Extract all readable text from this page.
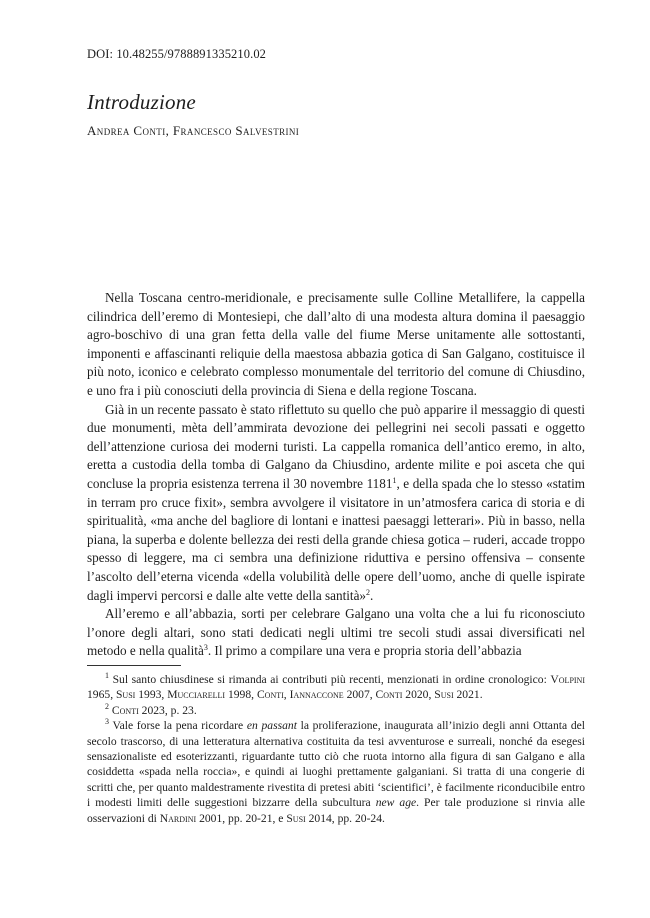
DOI: 10.48255/9788891335210.02
Introduzione
Andrea Conti, Francesco Salvestrini

Nella Toscana centro-meridionale, e precisamente sulle Colline Metallifere, la cappella cilindrica dell’eremo di Montesiepi, che dall’alto di una modesta altura domina il paesaggio agro-boschivo di una gran fetta della valle del fiume Merse unitamente alle sottostanti, imponenti e affascinanti reliquie della maestosa abbazia gotica di San Galgano, costituisce il più noto, iconico e celebrato complesso monumentale del territorio del comune di Chiusdino, e uno fra i più conosciuti della provincia di Siena e della regione Toscana.

Già in un recente passato è stato riflettuto su quello che può apparire il messaggio di questi due monumenti, mèta dell’ammirata devozione dei pellegrini nei secoli passati e oggetto dell’attenzione curiosa dei moderni turisti. La cappella romanica dell’antico eremo, in alto, eretta a custodia della tomba di Galgano da Chiusdino, ardente milite e poi asceta che qui concluse la propria esistenza terrena il 30 novembre 1181$^1$, e della spada che lo stesso «statim in terram pro cruce fixit», sembra avvolgere il visitatore in un’atmosfera carica di storia e di spiritualità, «ma anche del bagliore di lontani e inattesi paesaggi letterari». Più in basso, nella piana, la superba e dolente bellezza dei resti della grande chiesa gotica – ruderi, accade troppo spesso di leggere, ma ci sembra una definizione riduttiva e persino offensiva – consente l’ascolto dell’eterna vicenda «della volubilità delle opere dell’uomo, anche di quelle ispirate dagli impervi percorsi e dalle alte vette della santità»$^2$.

All’eremo e all’abbazia, sorti per celebrare Galgano una volta che a lui fu riconosciuto l’onore degli altari, sono stati dedicati negli ultimi tre secoli studi assai diversificati nel metodo e nella qualità$^3$. Il primo a compilare una vera e propria storia dell’abbazia

$^1$ Sul santo chiusdinese si rimanda ai contributi più recenti, menzionati in ordine cronologico: Volpini 1965, Susi 1993, Mucciarelli 1998, Conti, Iannaccone 2007, Conti 2020, Susi 2021.

$^2$ Conti 2023, p. 23.

$^3$ Vale forse la pena ricordare en passant la proliferazione, inaugurata all’inizio degli anni Ottanta del secolo trascorso, di una letteratura alternativa costituita da tesi avventurose e surreali, nonché da esegesi sensazionaliste ed esoterizzanti, riguardante tutto ciò che ruota intorno alla figura di san Galgano e alla cosiddetta «spada nella roccia», e quindi ai luoghi prettamente galganiani. Si tratta di una congerie di scritti che, per quanto maldestramente rivestita di pretesi abiti ‘scientifici’, è facilmente riconducibile entro i modesti limiti delle suggestioni bizzarre della subcultura new age. Per tale produzione si rinvia alle osservazioni di Nardini 2001, pp. 20-21, e Susi 2014, pp. 20-24.
